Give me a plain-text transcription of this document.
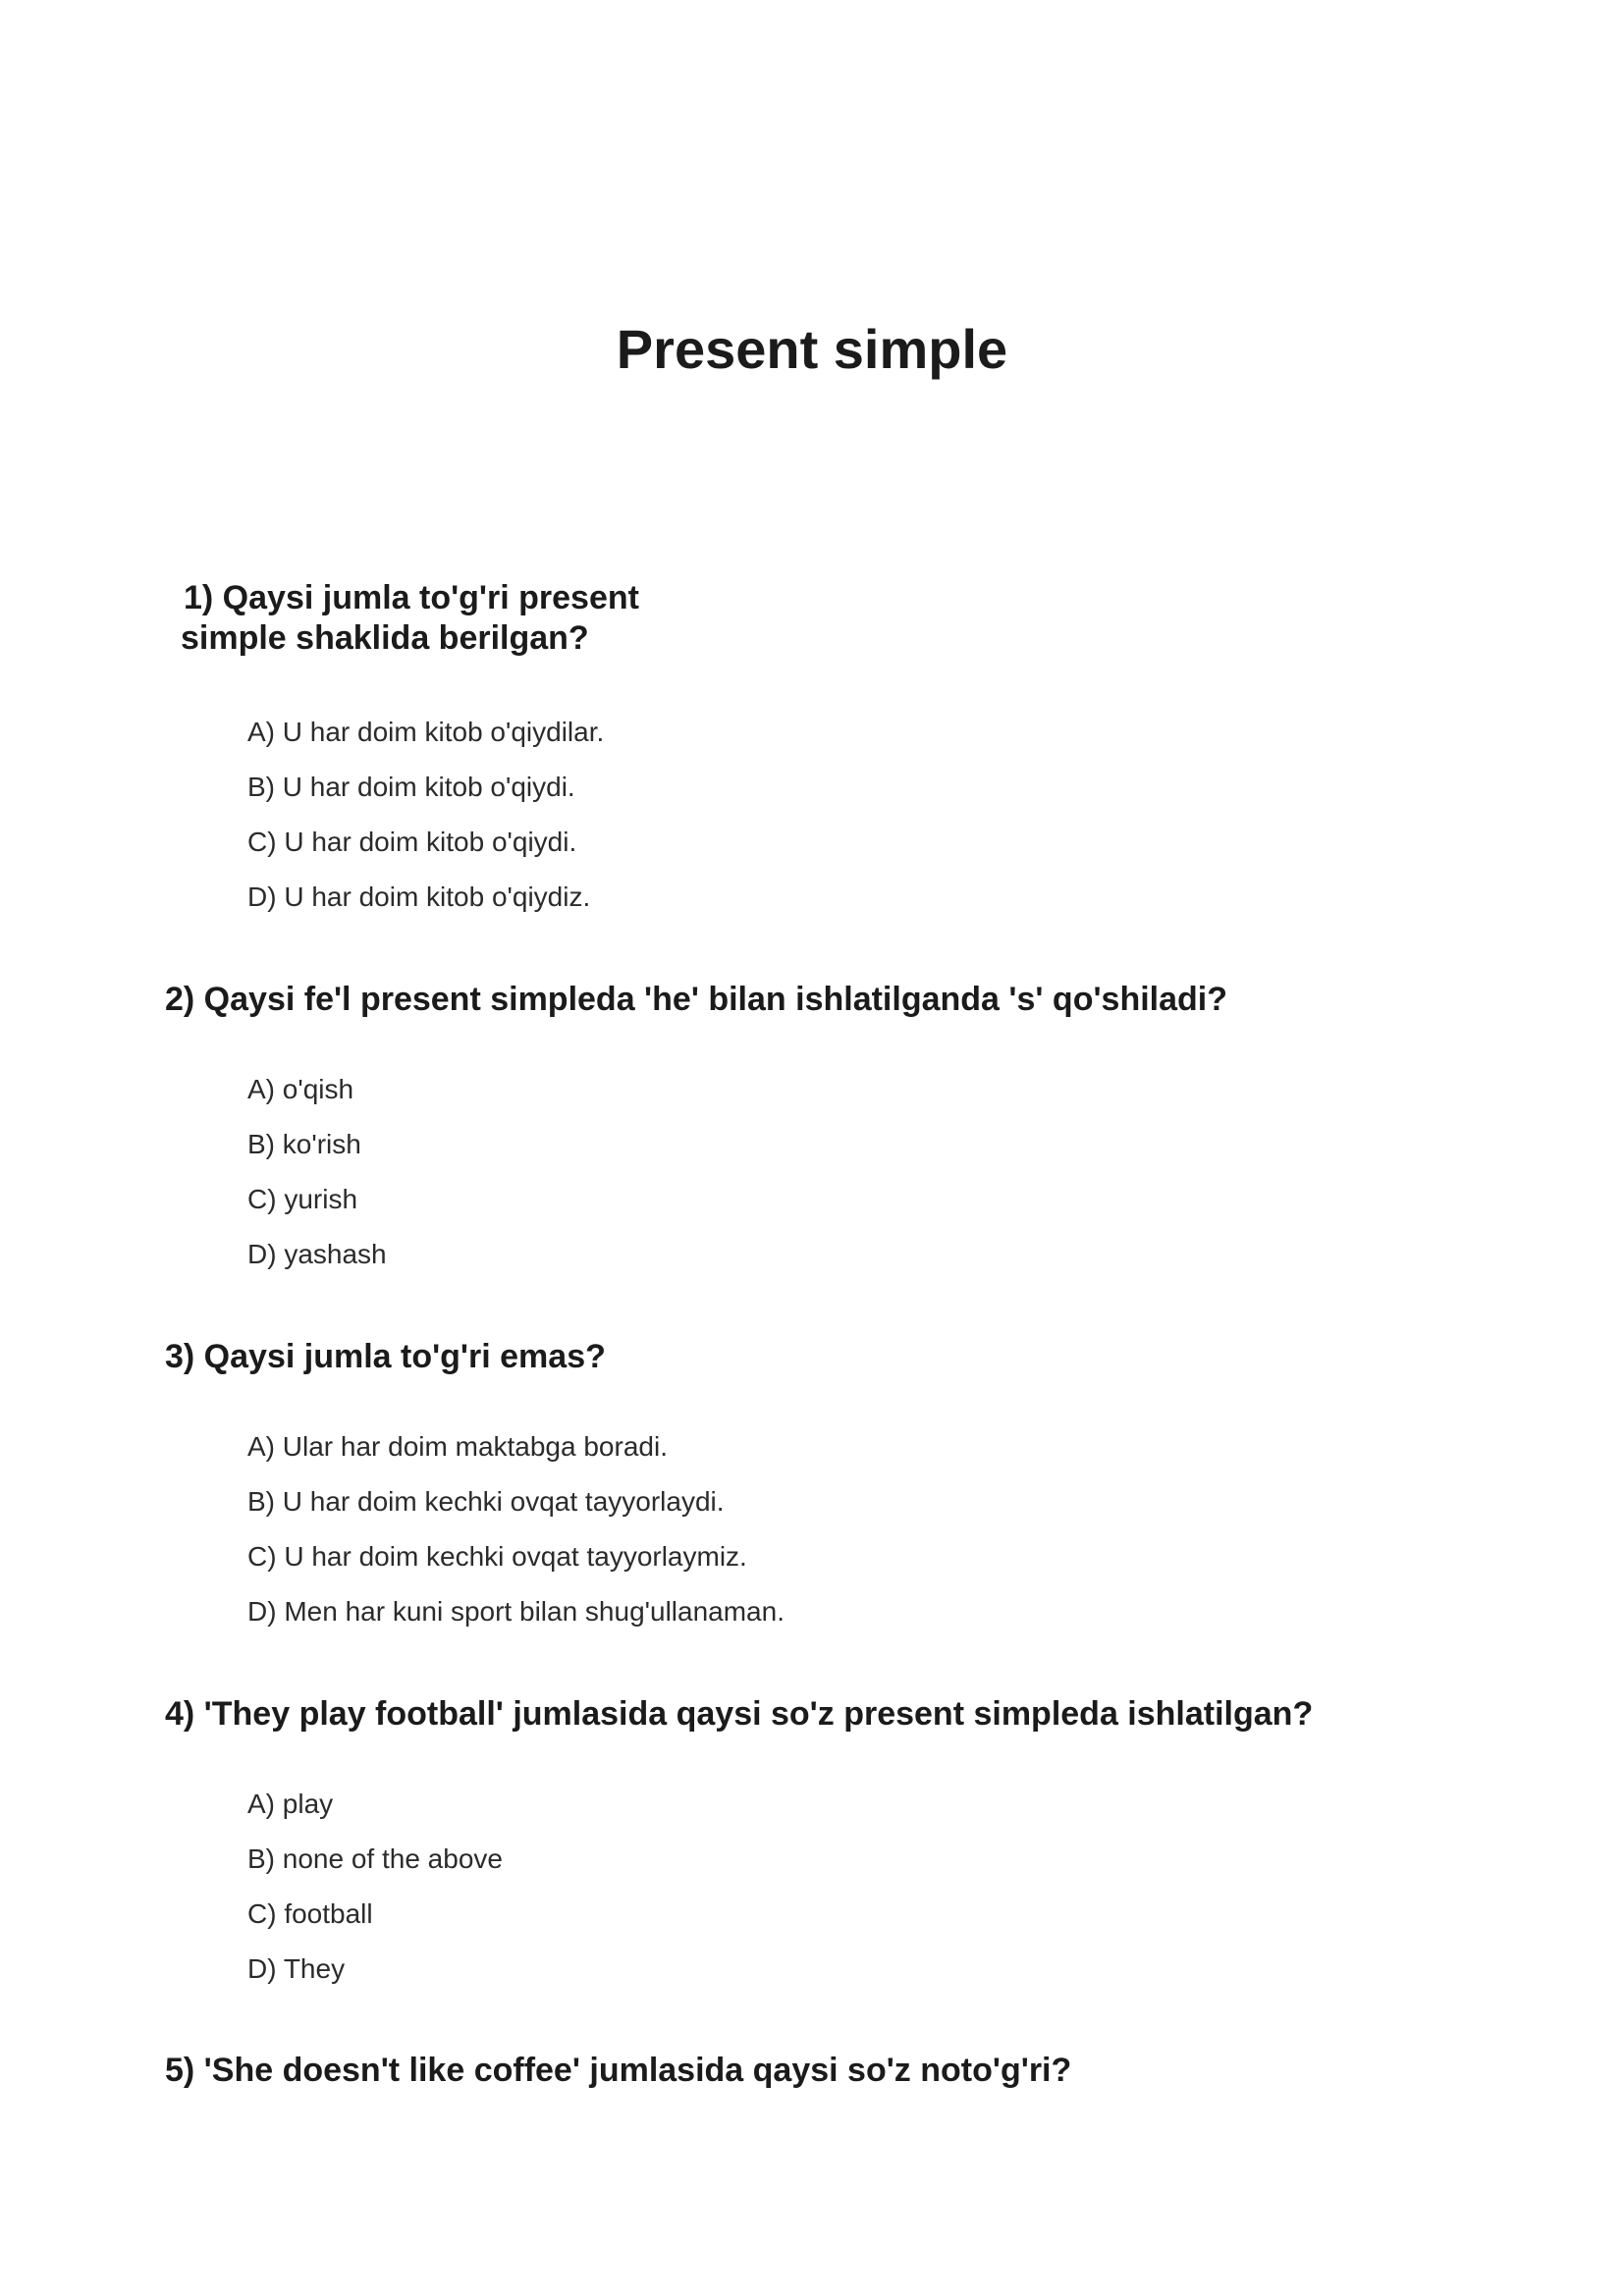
Present simple
1) Qaysi jumla to'g'ri present
simple shaklida berilgan?
A) U har doim kitob o'qiydilar.
B) U har doim kitob o'qiydi.
C) U har doim kitob o'qiydi.
D) U har doim kitob o'qiydiz.
2) Qaysi fe'l present simpleda 'he' bilan ishlatilganda 's' qo'shiladi?
A) o'qish
B) ko'rish
C) yurish
D) yashash
3) Qaysi jumla to'g'ri emas?
A) Ular har doim maktabga boradi.
B) U har doim kechki ovqat tayyorlaydi.
C) U har doim kechki ovqat tayyorlaymiz.
D) Men har kuni sport bilan shug'ullanaman.
4) 'They play football' jumlasida qaysi so'z present simpleda ishlatilgan?
A) play
B) none of the above
C) football
D) They
5) 'She doesn't like coffee' jumlasida qaysi so'z noto'g'ri?
